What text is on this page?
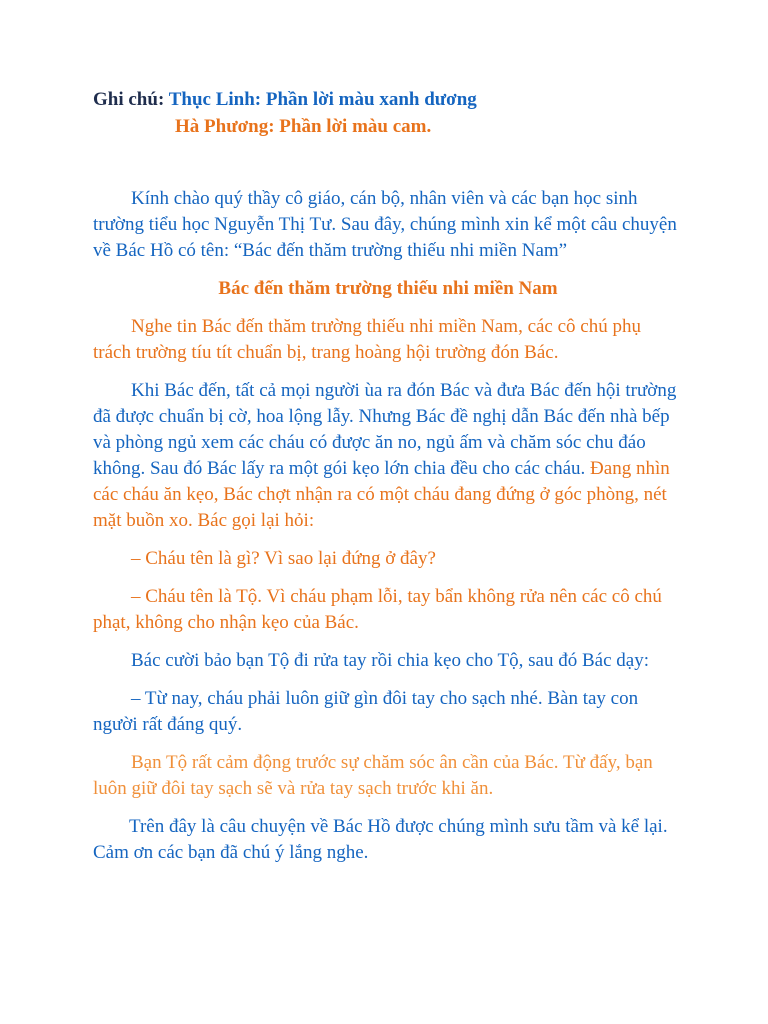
Ghi chú: Thục Linh: Phần lời màu xanh dương
Hà Phương: Phần lời màu cam.

Kính chào quý thầy cô giáo, cán bộ, nhân viên và các bạn học sinh trường tiểu học Nguyễn Thị Tư. Sau đây, chúng mình xin kể một câu chuyện về Bác Hồ có tên: “Bác đến thăm trường thiếu nhi miền Nam”

Bác đến thăm trường thiếu nhi miền Nam

Nghe tin Bác đến thăm trường thiếu nhi miền Nam, các cô chú phụ trách trường tíu tít chuẩn bị, trang hoàng hội trường đón Bác.

Khi Bác đến, tất cả mọi người ùa ra đón Bác và đưa Bác đến hội trường đã được chuẩn bị cờ, hoa lộng lẫy. Nhưng Bác đề nghị dẫn Bác đến nhà bếp và phòng ngủ xem các cháu có được ăn no, ngủ ấm và chăm sóc chu đáo không. Sau đó Bác lấy ra một gói kẹo lớn chia đều cho các cháu. Đang nhìn các cháu ăn kẹo, Bác chợt nhận ra có một cháu đang đứng ở góc phòng, nét mặt buồn xo. Bác gọi lại hỏi:

– Cháu tên là gì? Vì sao lại đứng ở đây?

– Cháu tên là Tộ. Vì cháu phạm lỗi, tay bẩn không rửa nên các cô chú phạt, không cho nhận kẹo của Bác.

Bác cười bảo bạn Tộ đi rửa tay rồi chia kẹo cho Tộ, sau đó Bác dạy:

– Từ nay, cháu phải luôn giữ gìn đôi tay cho sạch nhé. Bàn tay con người rất đáng quý.

Bạn Tộ rất cảm động trước sự chăm sóc ân cần của Bác. Từ đấy, bạn luôn giữ đôi tay sạch sẽ và rửa tay sạch trước khi ăn.

Trên đây là câu chuyện về Bác Hồ được chúng mình sưu tầm và kể lại. Cảm ơn các bạn đã chú ý lắng nghe.
